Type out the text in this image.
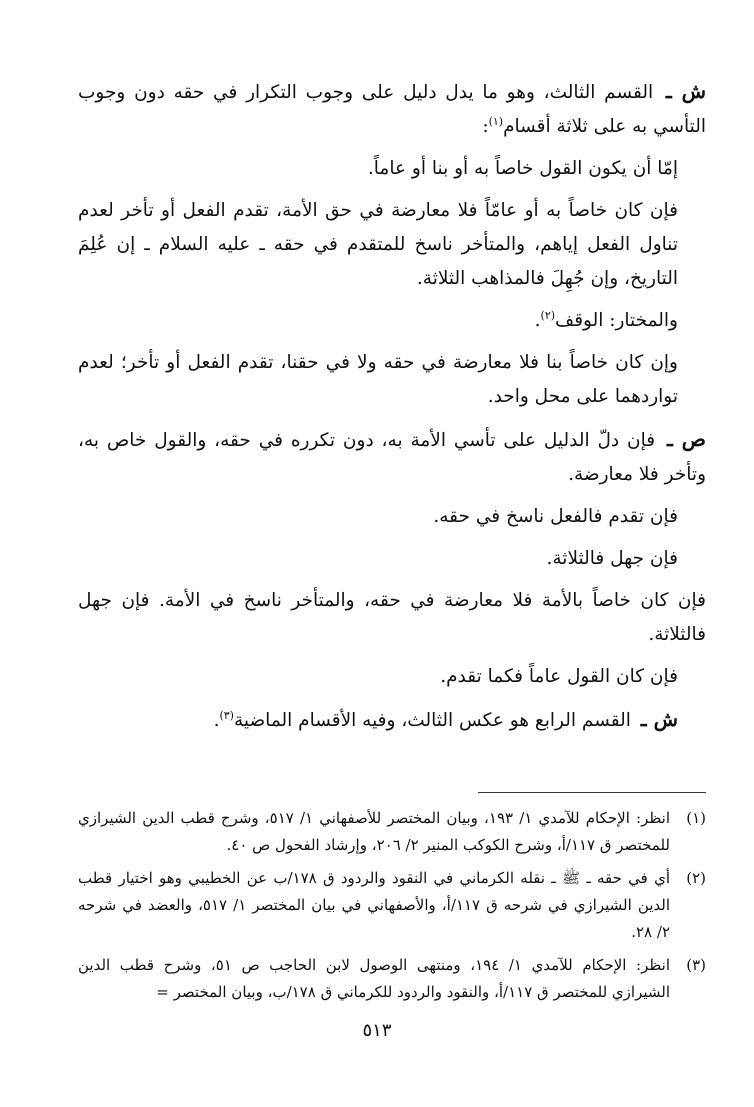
ش ـ القسم الثالث، وهو ما يدل دليل على وجوب التكرار في حقه دون وجوب التأسي به على ثلاثة أقسام$^{(١)}$:

إمّا أن يكون القول خاصاً به أو بنا أو عاماً.

فإن كان خاصاً به أو عامّاً فلا معارضة في حق الأمة، تقدم الفعل أو تأخر لعدم تناول الفعل إياهم، والمتأخر ناسخ للمتقدم في حقه ـ عليه السلام ـ إن عُلِمَ التاريخ، وإن جُهِلَ فالمذاهب الثلاثة.

والمختار: الوقف$^{(٢)}$.

وإن كان خاصاً بنا فلا معارضة في حقه ولا في حقنا، تقدم الفعل أو تأخر؛ لعدم تواردهما على محل واحد.

ص ـ فإن دلّ الدليل على تأسي الأمة به، دون تكرره في حقه، والقول خاص به، وتأخر فلا معارضة.

فإن تقدم فالفعل ناسخ في حقه.

فإن جهل فالثلاثة.

فإن كان خاصاً بالأمة فلا معارضة في حقه، والمتأخر ناسخ في الأمة. فإن جهل فالثلاثة.

فإن كان القول عاماً فكما تقدم.

ش ـ القسم الرابع هو عكس الثالث، وفيه الأقسام الماضية$^{(٣)}$.

(١)
انظر: الإحكام للآمدي ١/ ١٩٣، وبيان المختصر للأصفهاني ١/ ٥١٧، وشرح قطب الدين الشيرازي للمختصر ق ١١٧/أ، وشرح الكوكب المنير ٢/ ٢٠٦، وإرشاد الفحول ص ٤٠.

(٢)
أي في حقه ـ ﷺ ـ نقله الكرماني في النقود والردود ق ١٧٨/ب عن الخطيبي وهو اختيار قطب الدين الشيرازي في شرحه ق ١١٧/أ، والأصفهاني في بيان المختصر ١/ ٥١٧، والعضد في شرحه ٢/ ٢٨.

(٣)
انظر: الإحكام للآمدي ١/ ١٩٤، ومنتهى الوصول لابن الحاجب ص ٥١، وشرح قطب الدين الشيرازي للمختصر ق ١١٧/أ، والنقود والردود للكرماني ق ١٧٨/ب، وبيان المختصر =

٥١٣
